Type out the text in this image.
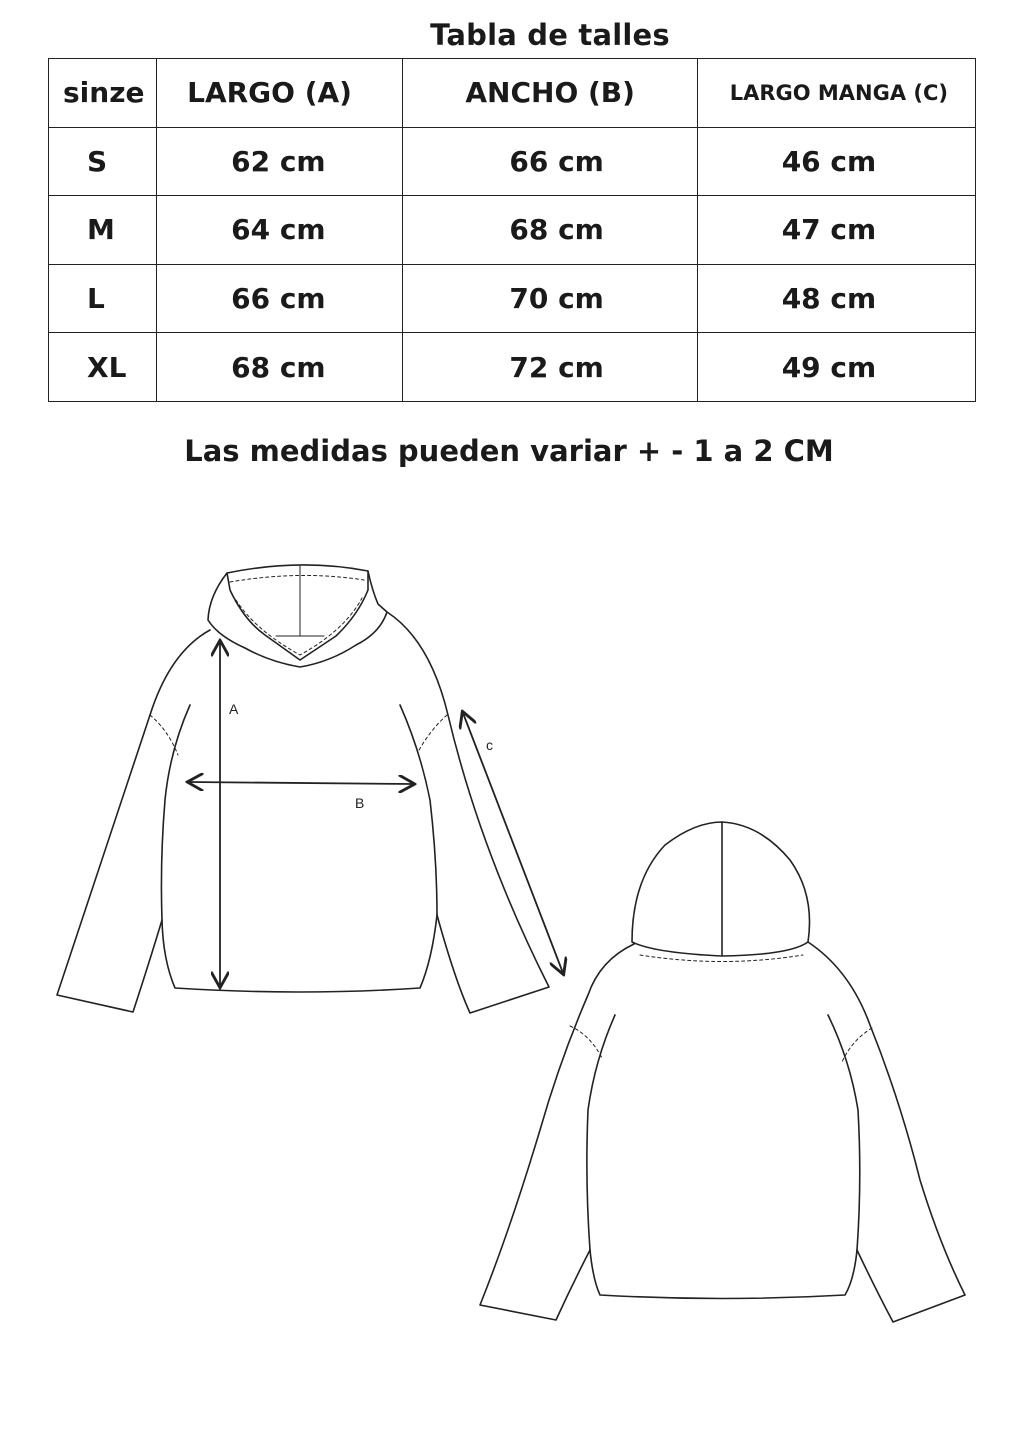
Tabla de talles
sinze	LARGO (A)	ANCHO (B)	LARGO MANGA (C)
S	62 cm	66 cm	46 cm
M	64 cm	68 cm	47 cm
L	66 cm	70 cm	48 cm
XL	68 cm	72 cm	49 cm
Las medidas pueden variar + - 1 a 2 CM
A
B
c
